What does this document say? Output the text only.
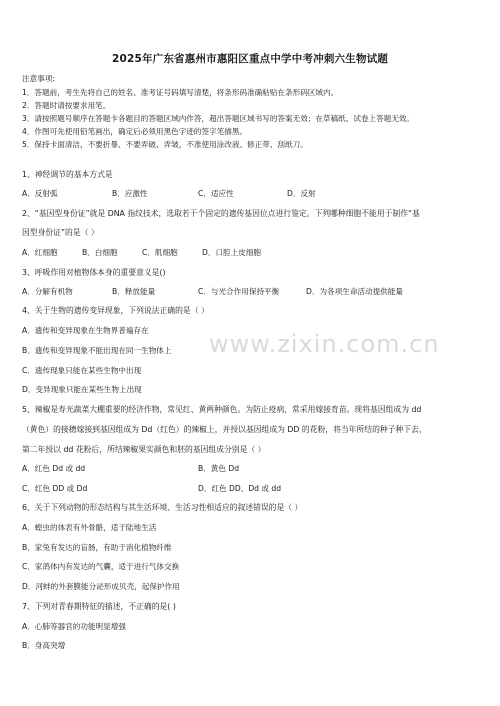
2025年广东省惠州市惠阳区重点中学中考冲刺六生物试题
注意事项:
1．答题前，考生先将自己的姓名、准考证号码填写清楚，将条形码准确粘贴在条形码区域内。
2．答题时请按要求用笔。
3．请按照题号顺序在答题卡各题目的答题区域内作答，超出答题区域书写的答案无效；在草稿纸、试卷上答题无效。
4．作图可先使用铅笔画出，确定后必须用黑色字迹的签字笔描黑。
5．保持卡面清洁，不要折暴、不要弄破、弄皱，不准使用涂改液、修正带、刮纸刀。
1、神经调节的基本方式是
A．反射弧	B．应激性	C．适应性	D．反射
2、“基因型身份证”就是 DNA 指纹技术，选取若干个固定的遗传基因位点进行鉴定。下列哪种细胞不能用于制作“基
因型身份证”的是（ ）
A．红细胞	B．白细胞	C．肌细胞	D．口腔上皮细胞
3、呼吸作用对植物体本身的重要意义是()
A．分解有机物	B．释放能量	C．与光合作用保持平衡	D．为各项生命活动提供能量
4、关于生物的遗传变异现象，下列说法正确的是（ ）
A．遗传和变异现象在生物界普遍存在
B．遗传和变异现象不能出现在同一生物体上
C．遗传现象只能在某些生物中出现
D．变异现象只能在某些生物上出现
5、辣椒是寿光蔬菜大棚重要的经济作物，常见红、黄两种颜色。为防止疫病，常采用嫁接育苗。现将基因组成为 dd
（黄色）的接穗嫁接到基因组成为 Dd（红色）的辣椒上，并授以基因组成为 DD 的花粉，将当年所结的种子种下去，
第二年授以 dd 花粉后，所结辣椒果实颜色和胚的基因组成分别是（ ）
A．红色 Dd 或 dd	B．黄色 Dd
C．红色 DD 或 Dd	D．红色 DD、Dd 或 dd
6、关于下列动物的形态结构与其生活环境、生活习性相适应的叙述错误的是（ ）
A．蝗虫的体表有外骨骼，适于陆地生活
B．家兔有发达的盲肠，有助于消化植物纤维
C．家鸽体内有发达的气囊，适于进行气体交换
D．河蚌的外套膜能分泌形成贝壳，起保护作用
7、下列对青春期特征的描述，不正确的是( )
A．心肺等器官的功能明显增强
B．身高突增
www.zixin.com.cn
